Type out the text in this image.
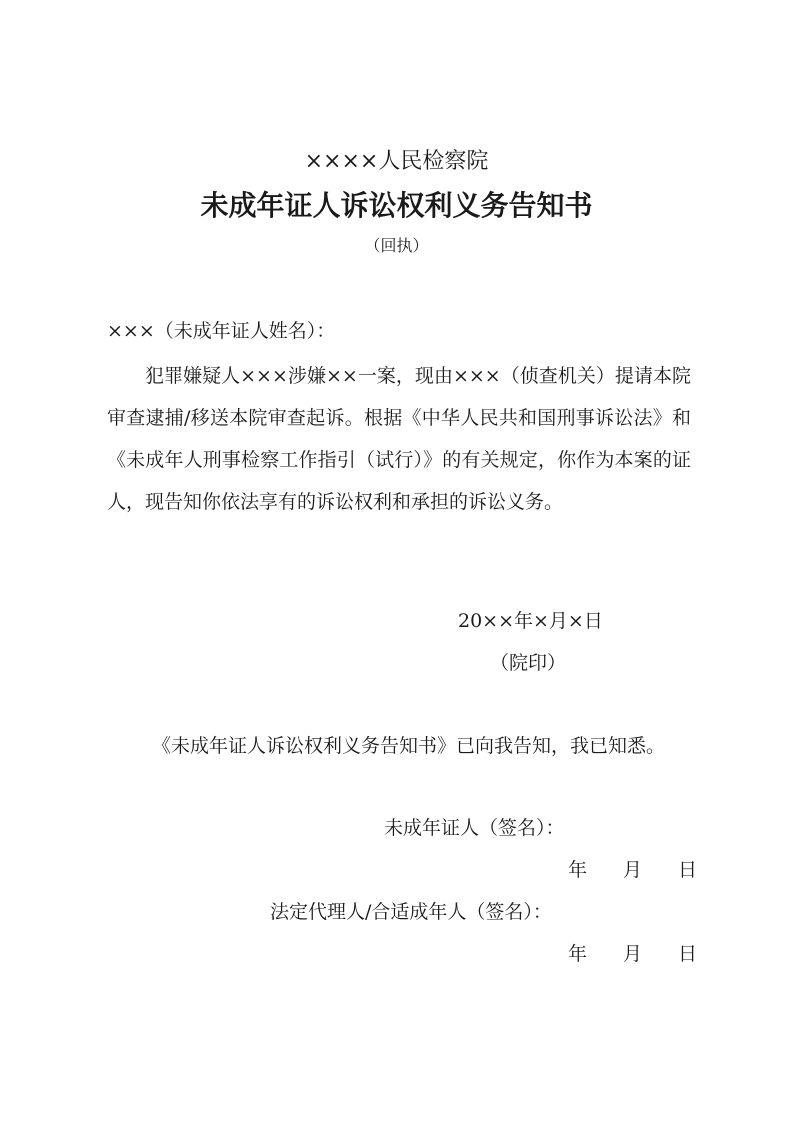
××××人民检察院

未成年证人诉讼权利义务告知书

（回执）

×××（未成年证人姓名）：

犯罪嫌疑人×××涉嫌××一案，现由×××（侦查机关）提请本院审查逮捕/移送本院审查起诉。根据《中华人民共和国刑事诉讼法》和《未成年人刑事检察工作指引（试行）》的有关规定，你作为本案的证人，现告知你依法享有的诉讼权利和承担的诉讼义务。

20××年×月×日

（院印）

《未成年证人诉讼权利义务告知书》已向我告知，我已知悉。

未成年证人（签名）：

年 月 日

法定代理人/合适成年人（签名）：

年 月 日
